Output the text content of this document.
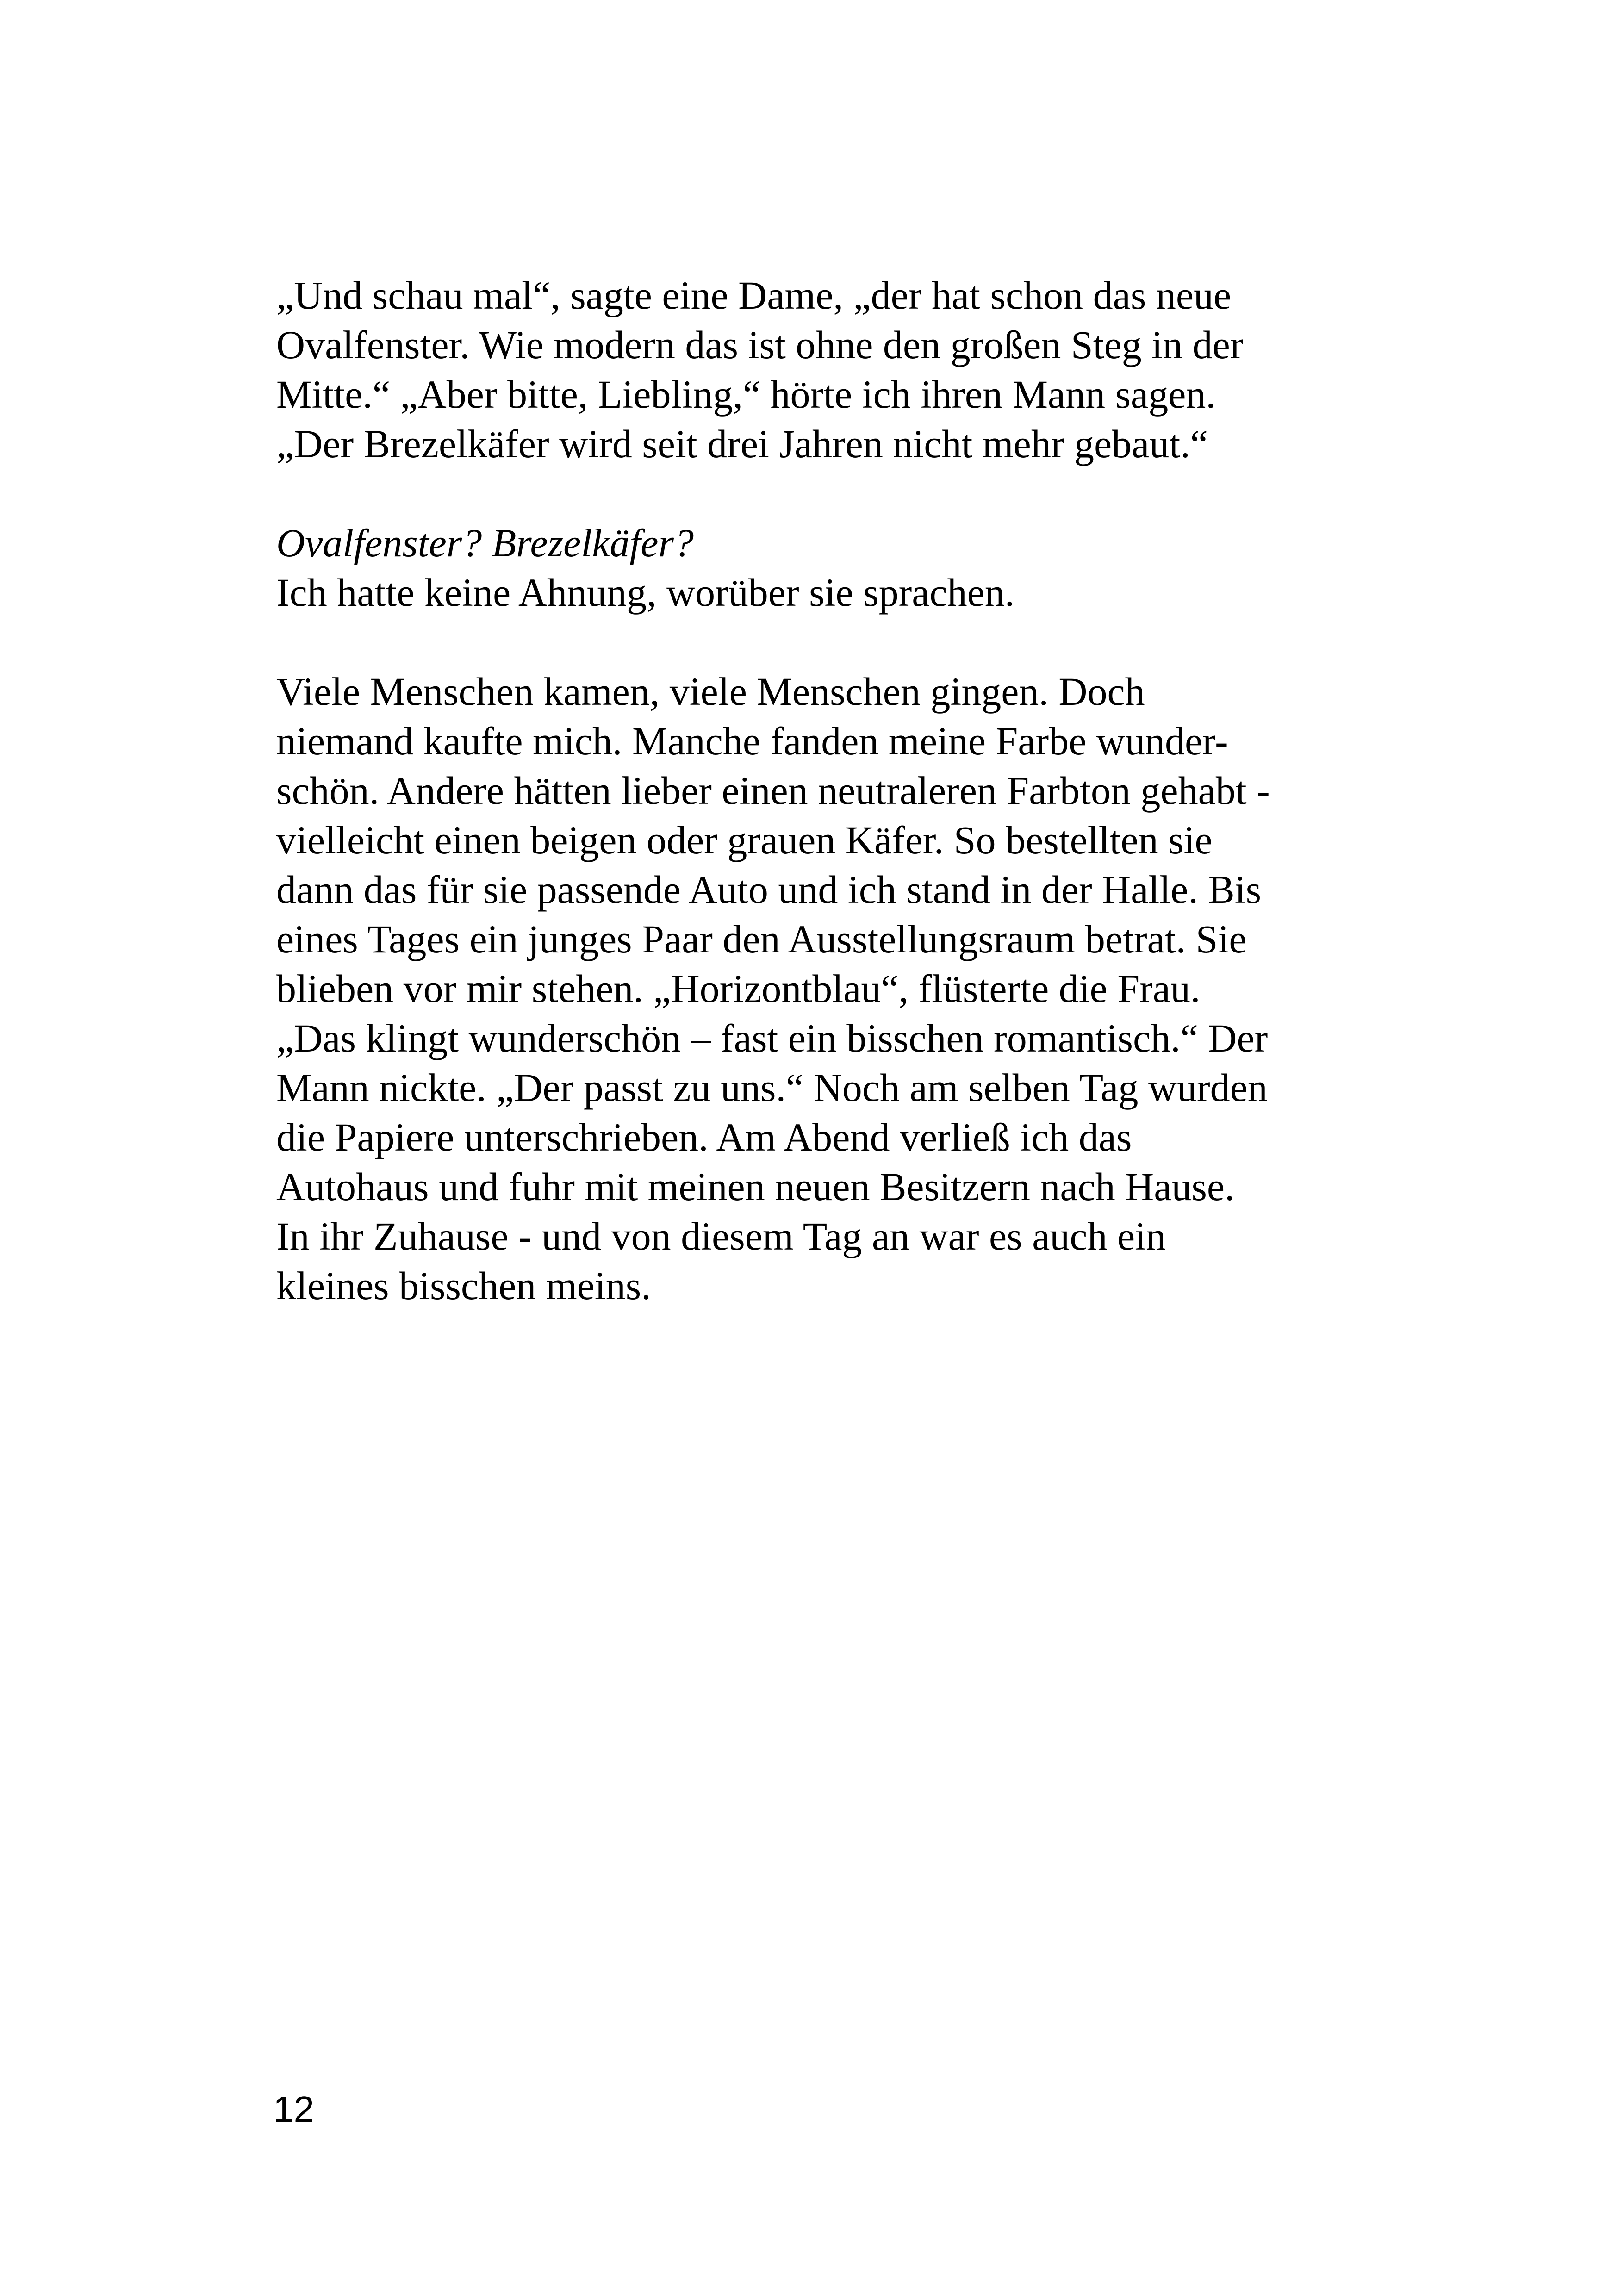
„Und schau mal“, sagte eine Dame, „der hat schon das neue
Ovalfenster. Wie modern das ist ohne den großen Steg in der
Mitte.“ „Aber bitte, Liebling,“ hörte ich ihren Mann sagen.
„Der Brezelkäfer wird seit drei Jahren nicht mehr gebaut.“
Ovalfenster? Brezelkäfer?
Ich hatte keine Ahnung, worüber sie sprachen.
Viele Menschen kamen, viele Menschen gingen. Doch
niemand kaufte mich. Manche fanden meine Farbe wunder-
schön. Andere hätten lieber einen neutraleren Farbton gehabt -
vielleicht einen beigen oder grauen Käfer. So bestellten sie
dann das für sie passende Auto und ich stand in der Halle. Bis
eines Tages ein junges Paar den Ausstellungsraum betrat. Sie
blieben vor mir stehen. „Horizontblau“, flüsterte die Frau.
„Das klingt wunderschön – fast ein bisschen romantisch.“ Der
Mann nickte. „Der passt zu uns.“ Noch am selben Tag wurden
die Papiere unterschrieben. Am Abend verließ ich das
Autohaus und fuhr mit meinen neuen Besitzern nach Hause.
In ihr Zuhause - und von diesem Tag an war es auch ein
kleines bisschen meins.
12
